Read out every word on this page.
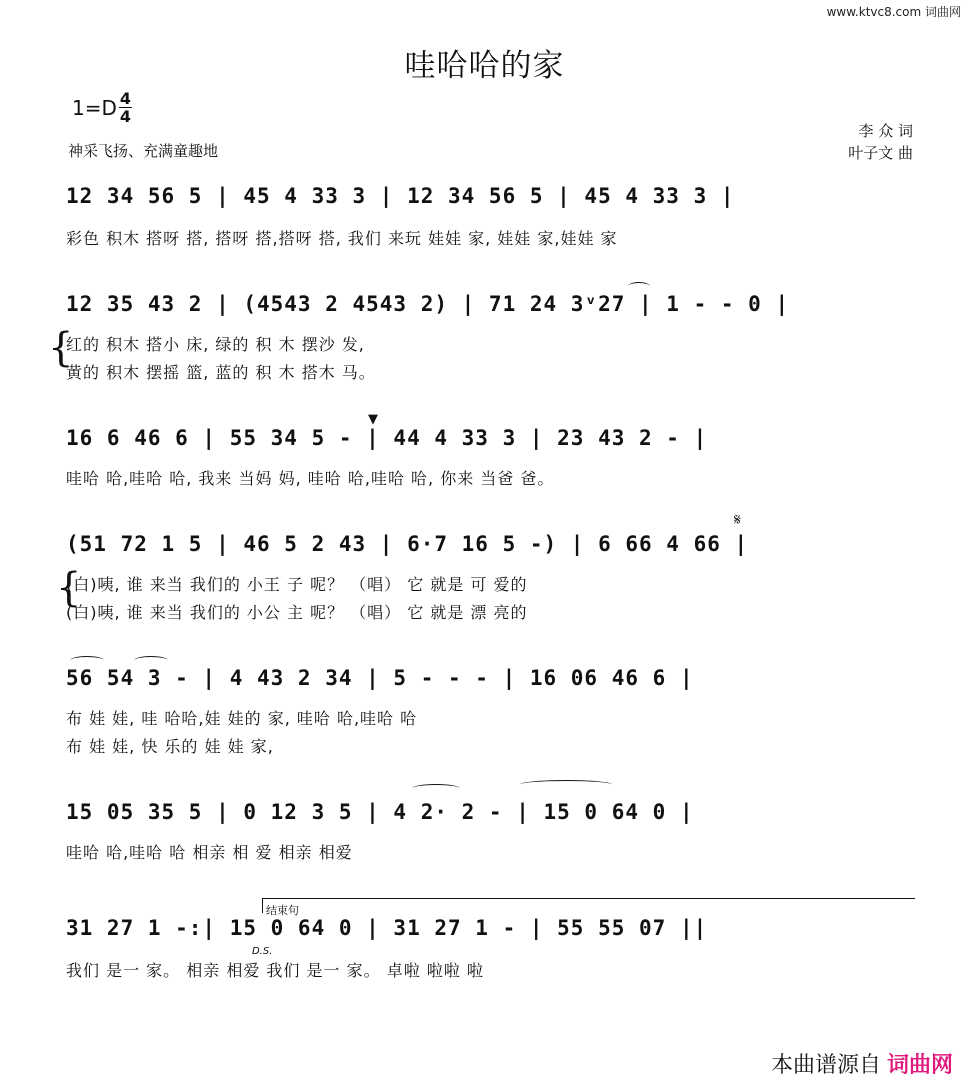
www.ktvc8.com 词曲网
哇哈哈的家
$1=D \frac{4}{4}$
神采飞扬、充满童趣地
李 众 词
叶子文 曲
12 34 56 5 | 45 4 33 3 | 12 34 56 5 | 45 4 33 3 |
彩色 积木 搭呀 搭, 搭呀 搭,搭呀 搭, 我们 来玩 娃娃 家, 娃娃 家,娃娃 家
12 35 43 2 | (4543 2 4543 2) | 71 24 3ᵛ27 | 1 - - 0 |
{
红的 积木 搭小 床, 绿的 积 木 摆沙 发,
黄的 积木 摆摇 篮, 蓝的 积 木 搭木 马。
16 6 46 6 | 55 34 5 - | 44 4 33 3 | 23 43 2 - |
哇哈 哈,哇哈 哈, 我来 当妈 妈, 哇哈 哈,哇哈 哈, 你来 当爸 爸。
▼
𝄋
(51 72 1 5 | 46 5 2 43 | 6·7 16 5 -) | 6 66 4 66 |
{
(白)咦, 谁 来当 我们的 小王 子 呢？ （唱） 它 就是 可 爱的
(白)咦, 谁 来当 我们的 小公 主 呢？ （唱） 它 就是 漂 亮的
56 54 3 - | 4 43 2 34 | 5 - - - | 16 06 46 6 |
布 娃 娃, 哇 哈哈,娃 娃的 家, 哇哈 哈,哇哈 哈
布 娃 娃, 快 乐的 娃 娃 家,
15 05 35 5 | 0 12 3 5 | 4 2· 2 - | 15 0 64 0 |
哇哈 哈,哇哈 哈 相亲 相 爱 相亲 相爱
结束句
31 27 1 -:| 15 0 64 0 | 31 27 1 - | 55 55 07 ||
D.S.
我们 是一 家。 相亲 相爱 我们 是一 家。 卓啦 啦啦 啦
本曲谱源自 词曲网
